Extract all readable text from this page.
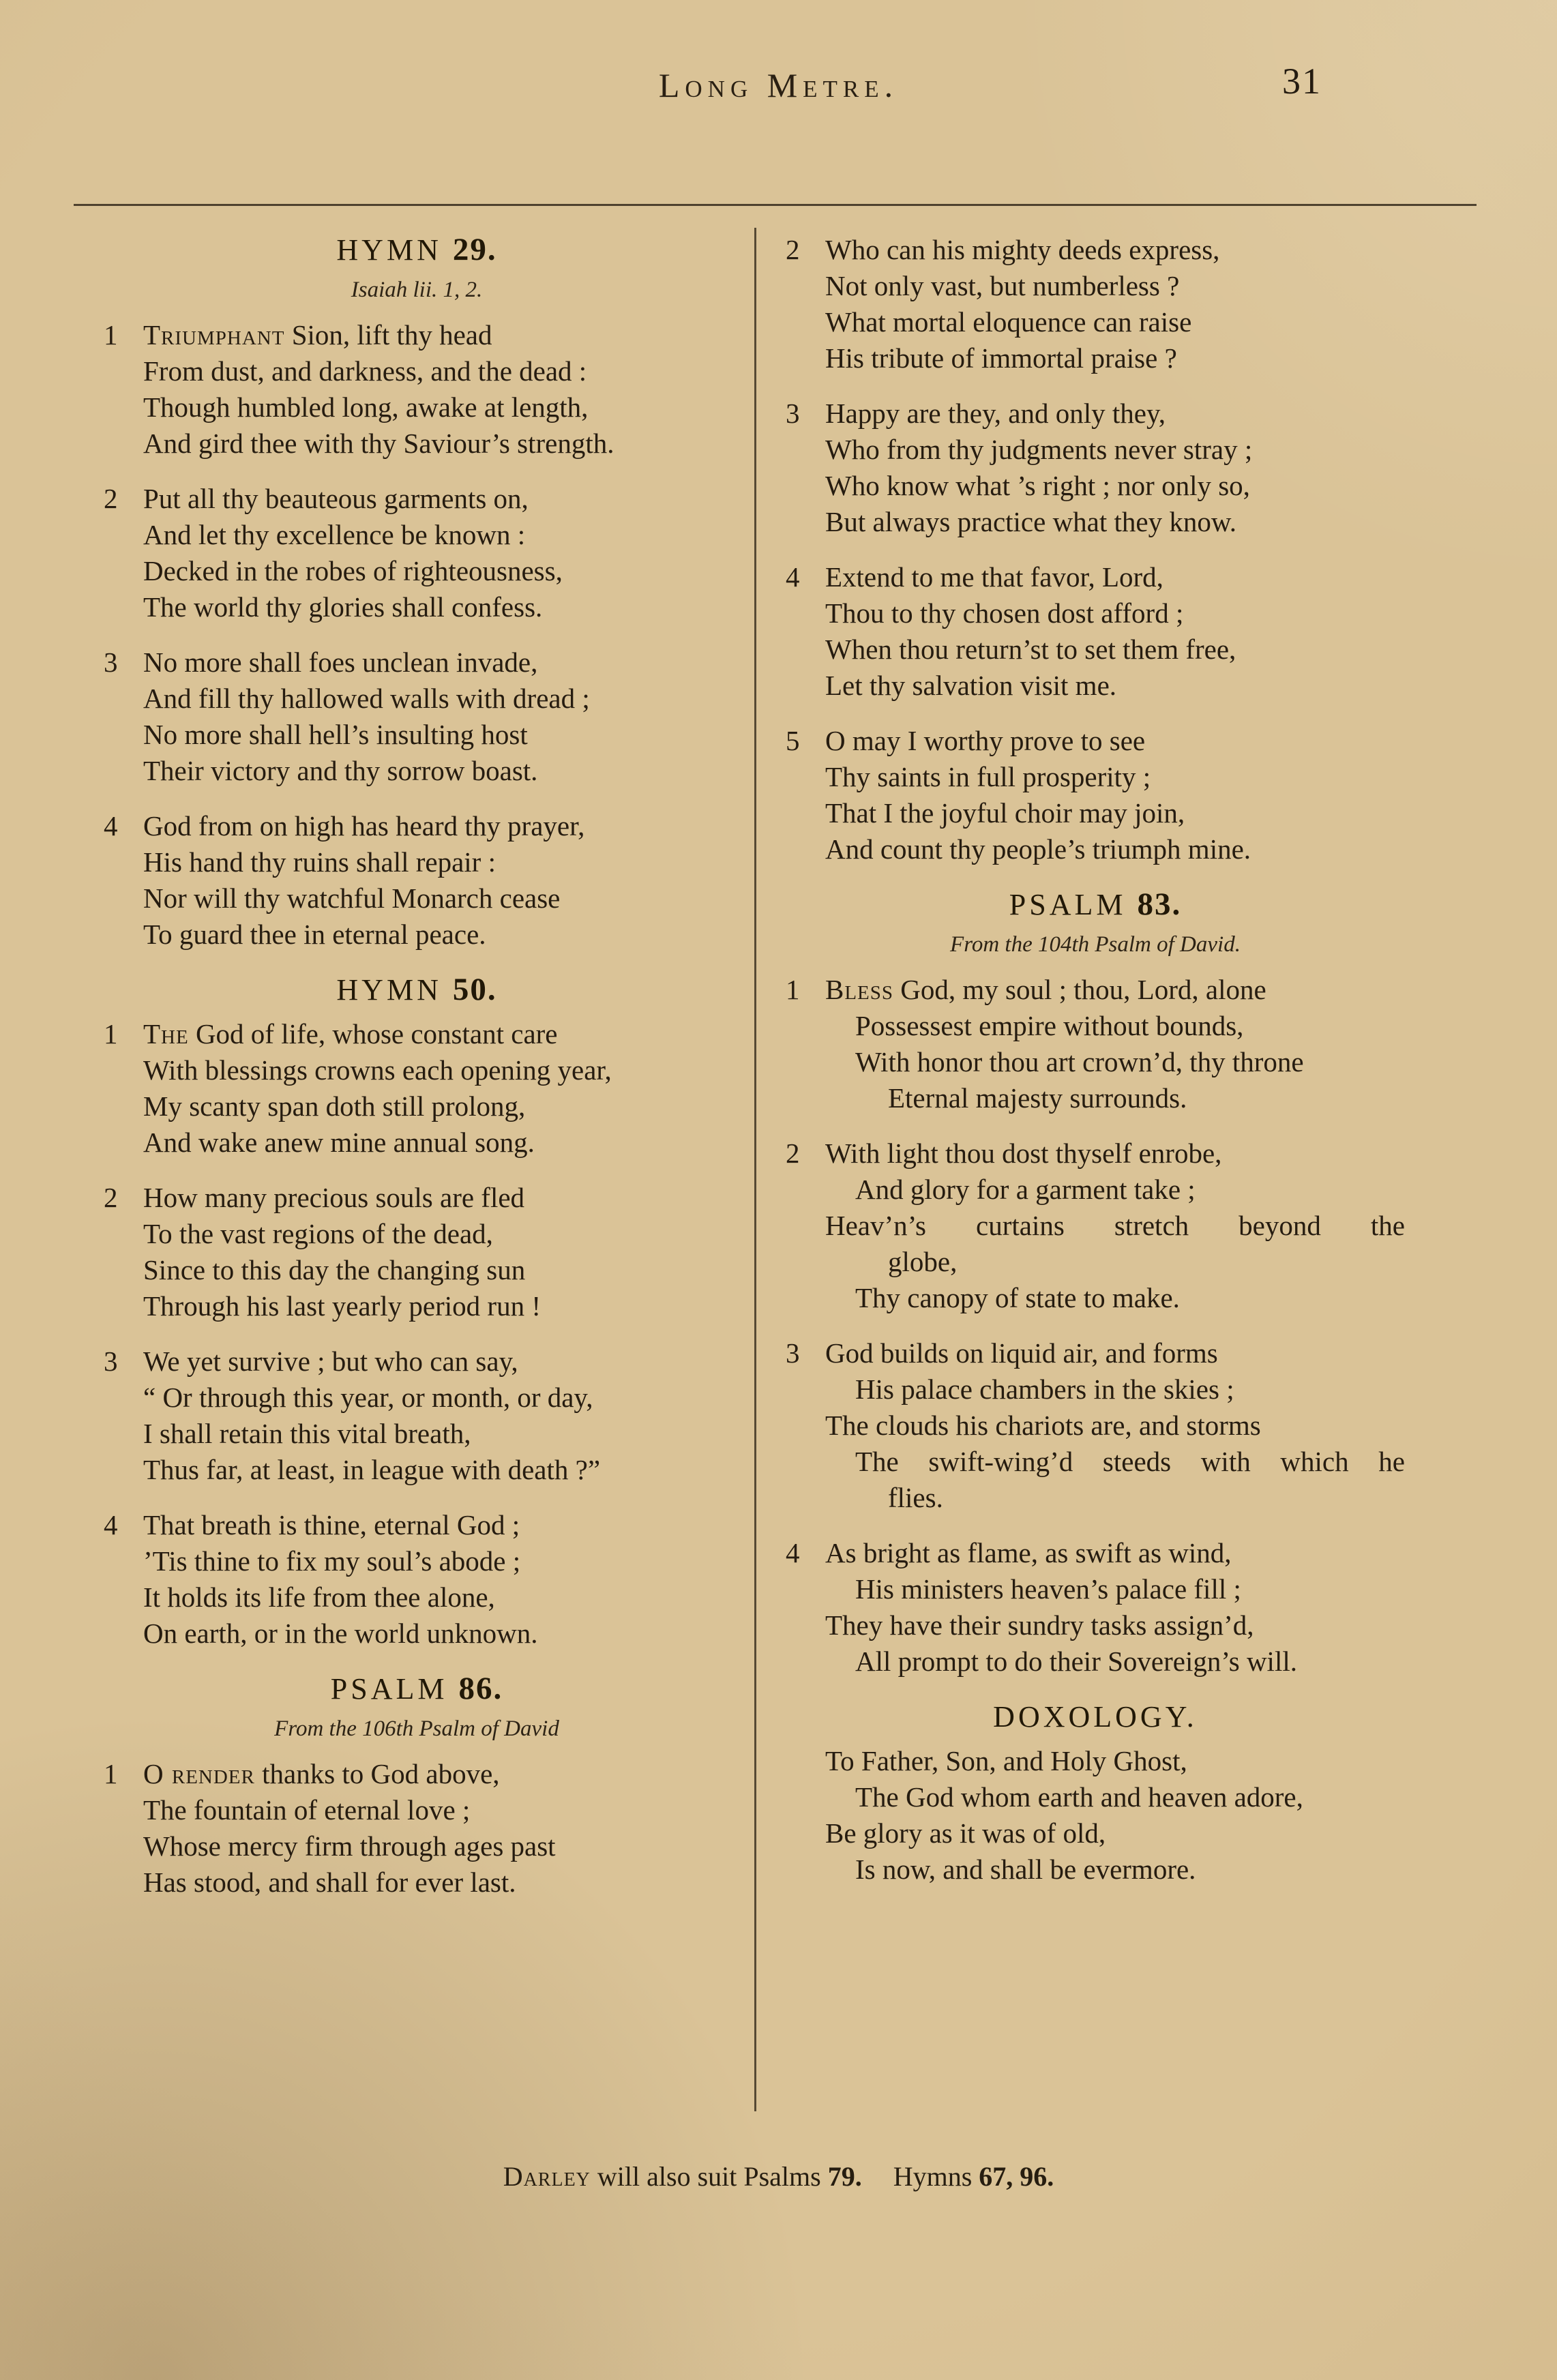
Long Metre.	31
HYMN 29.
Isaiah lii. 1, 2.
1 Triumphant Sion, lift thy head
From dust, and darkness, and the dead :
Though humbled long, awake at length,
And gird thee with thy Saviour’s strength.
2 Put all thy beauteous garments on,
And let thy excellence be known :
Decked in the robes of righteousness,
The world thy glories shall confess.
3 No more shall foes unclean invade,
And fill thy hallowed walls with dread ;
No more shall hell’s insulting host
Their victory and thy sorrow boast.
4 God from on high has heard thy prayer,
His hand thy ruins shall repair :
Nor will thy watchful Monarch cease
To guard thee in eternal peace.
HYMN 50.
1 The God of life, whose constant care
With blessings crowns each opening year,
My scanty span doth still prolong,
And wake anew mine annual song.
2 How many precious souls are fled
To the vast regions of the dead,
Since to this day the changing sun
Through his last yearly period run !
3 We yet survive ; but who can say,
“ Or through this year, or month, or day,
I shall retain this vital breath,
Thus far, at least, in league with death ?”
4 That breath is thine, eternal God ;
’Tis thine to fix my soul’s abode ;
It holds its life from thee alone,
On earth, or in the world unknown.
PSALM 86.
From the 106th Psalm of David
1 O render thanks to God above,
The fountain of eternal love ;
Whose mercy firm through ages past
Has stood, and shall for ever last.
2 Who can his mighty deeds express,
Not only vast, but numberless ?
What mortal eloquence can raise
His tribute of immortal praise ?
3 Happy are they, and only they,
Who from thy judgments never stray ;
Who know what ’s right ; nor only so,
But always practice what they know.
4 Extend to me that favor, Lord,
Thou to thy chosen dost afford ;
When thou return’st to set them free,
Let thy salvation visit me.
5 O may I worthy prove to see
Thy saints in full prosperity ;
That I the joyful choir may join,
And count thy people’s triumph mine.
PSALM 83.
From the 104th Psalm of David.
1 Bless God, my soul ; thou, Lord, alone
Possessest empire without bounds,
With honor thou art crown’d, thy throne
Eternal majesty surrounds.
2 With light thou dost thyself enrobe,
And glory for a garment take ;
Heav’n’s curtains stretch beyond the
globe,
Thy canopy of state to make.
3 God builds on liquid air, and forms
His palace chambers in the skies ;
The clouds his chariots are, and storms
The swift-wing’d steeds with which he
flies.
4 As bright as flame, as swift as wind,
His ministers heaven’s palace fill ;
They have their sundry tasks assign’d,
All prompt to do their Sovereign’s will.
DOXOLOGY.
To Father, Son, and Holy Ghost,
The God whom earth and heaven adore,
Be glory as it was of old,
Is now, and shall be evermore.
Darley will also suit Psalms 79. Hymns 67, 96.
